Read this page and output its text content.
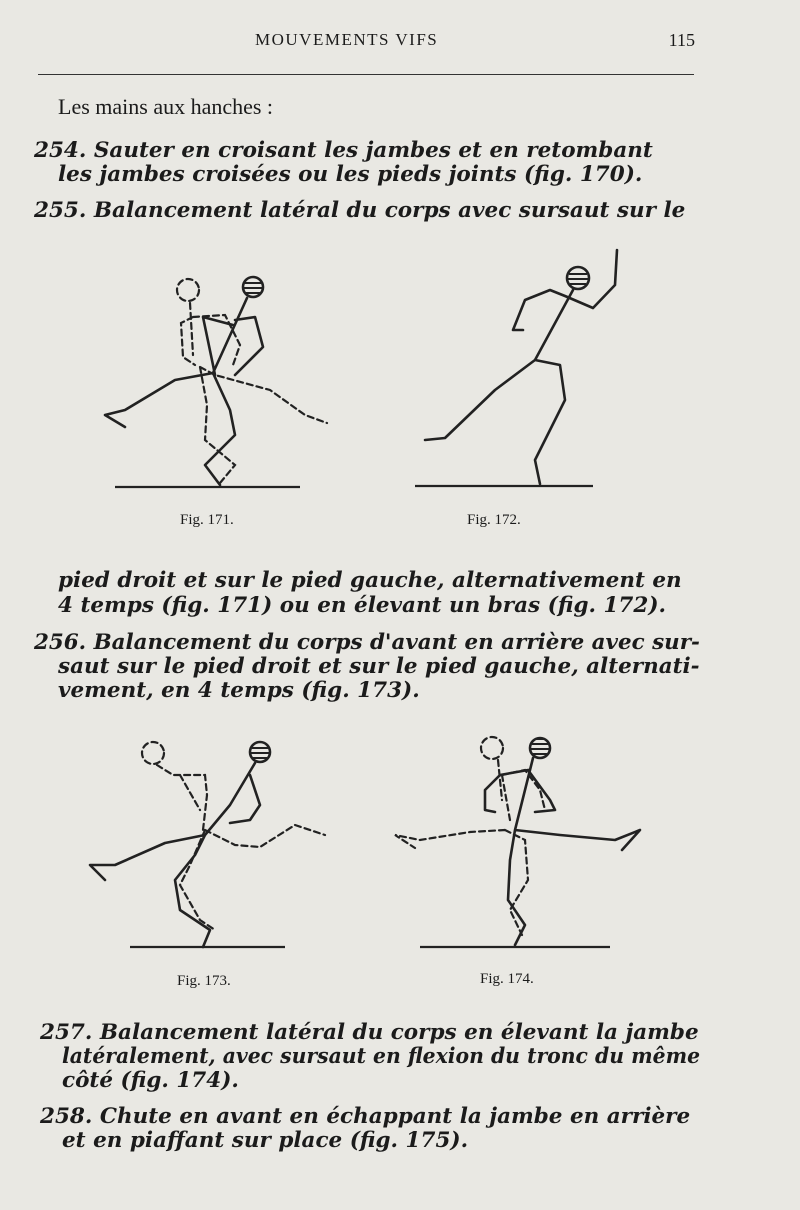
MOUVEMENTS VIFS	115
Les mains aux hanches :
254. Sauter en croisant les jambes et en retombant
les jambes croisées ou les pieds joints (fig. 170).
255. Balancement latéral du corps avec sursaut sur le
Fig. 171.	Fig. 172.
pied droit et sur le pied gauche, alternativement en
4 temps (fig. 171) ou en élevant un bras (fig. 172).
256. Balancement du corps d'avant en arrière avec sur-
saut sur le pied droit et sur le pied gauche, alternati-
vement, en 4 temps (fig. 173).
Fig. 173.	Fig. 174.
257. Balancement latéral du corps en élevant la jambe
latéralement, avec sursaut en flexion du tronc du même
côté (fig. 174).
258. Chute en avant en échappant la jambe en arrière
et en piaffant sur place (fig. 175).
